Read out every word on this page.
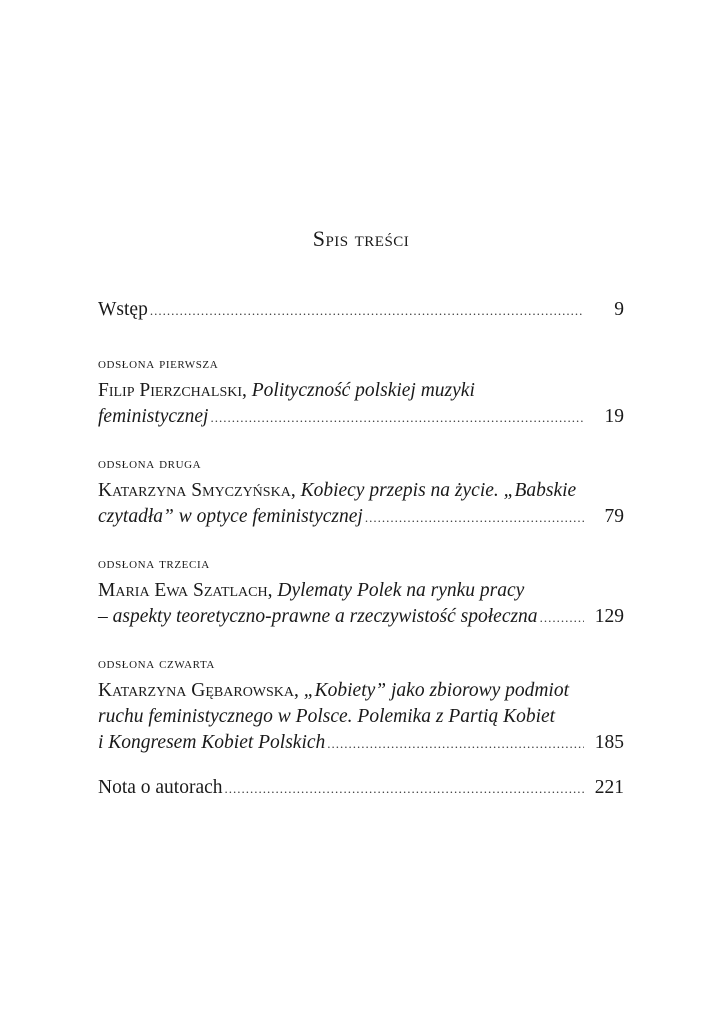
Spis treści
Wstęp .....	9
odsłona pierwsza
Filip Pierzchalski, Polityczność polskiej muzyki
feministycznej .....	19
odsłona druga
Katarzyna Smyczyńska, Kobiecy przepis na życie. „Babskie
czytadła” w optyce feministycznej .....	79
odsłona trzecia
Maria Ewa Szatlach, Dylematy Polek na rynku pracy
– aspekty teoretyczno-prawne a rzeczywistość społeczna .....	129
odsłona czwarta
Katarzyna Gębarowska, „Kobiety” jako zbiorowy podmiot
ruchu feministycznego w Polsce. Polemika z Partią Kobiet
i Kongresem Kobiet Polskich .....	185
Nota o autorach .....	221
